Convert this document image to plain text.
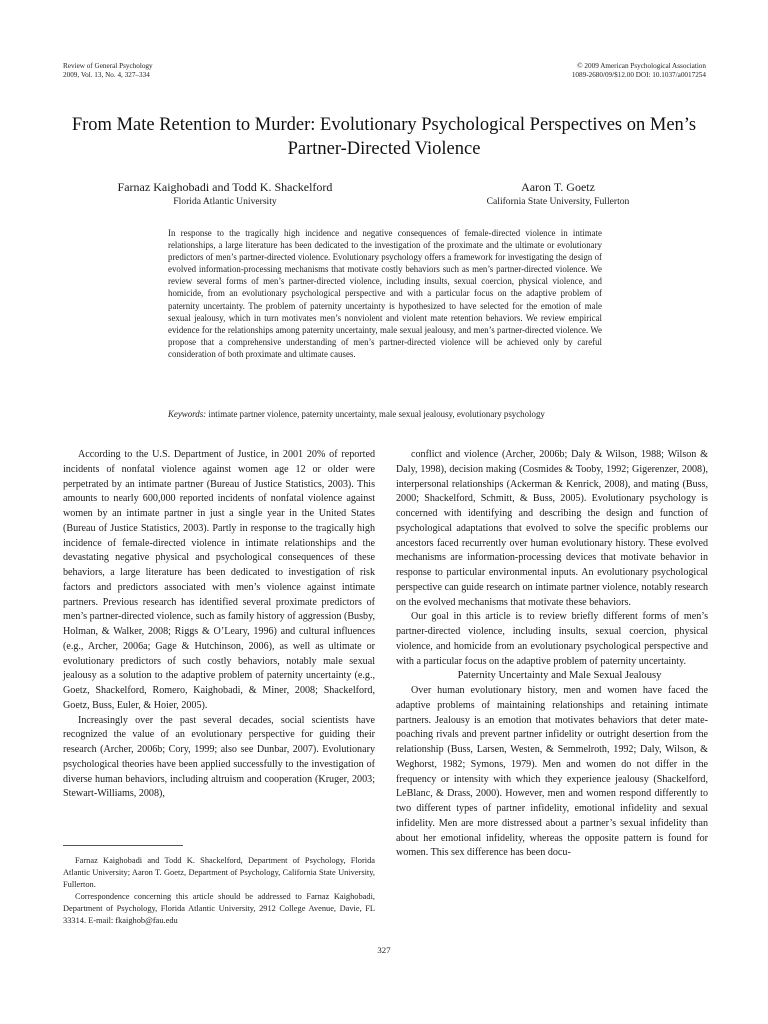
Review of General Psychology
2009, Vol. 13, No. 4, 327–334
© 2009 American Psychological Association
1089-2680/09/$12.00 DOI: 10.1037/a0017254
From Mate Retention to Murder: Evolutionary Psychological Perspectives on Men’s Partner-Directed Violence
Farnaz Kaighobadi and Todd K. Shackelford
Florida Atlantic University
Aaron T. Goetz
California State University, Fullerton
In response to the tragically high incidence and negative consequences of female-directed violence in intimate relationships, a large literature has been dedicated to the investigation of the proximate and the ultimate or evolutionary predictors of men’s partner-directed violence. Evolutionary psychology offers a framework for investigating the design of evolved information-processing mechanisms that motivate costly behaviors such as men’s partner-directed violence. We review several forms of men’s partner-directed violence, including insults, sexual coercion, physical violence, and homicide, from an evolutionary psychological perspective and with a particular focus on the adaptive problem of paternity uncertainty. The problem of paternity uncertainty is hypothesized to have selected for the emotion of male sexual jealousy, which in turn motivates men’s nonviolent and violent mate retention behaviors. We review empirical evidence for the relationships among paternity uncertainty, male sexual jealousy, and men’s partner-directed violence. We propose that a comprehensive understanding of men’s partner-directed violence will be achieved only by careful consideration of both proximate and ultimate causes.
Keywords: intimate partner violence, paternity uncertainty, male sexual jealousy, evolutionary psychology

According to the U.S. Department of Justice, in 2001 20% of reported incidents of nonfatal violence against women age 12 or older were perpetrated by an intimate partner (Bureau of Justice Statistics, 2003). This amounts to nearly 600,000 reported incidents of nonfatal violence against women by an intimate partner in just a single year in the United States (Bureau of Justice Statistics, 2003). Partly in response to the tragically high incidence of female-directed violence in intimate relationships and the devastating negative physical and psychological consequences of these behaviors, a large literature has been dedicated to investigation of risk factors and predictors associated with men’s violence against intimate partners. Previous research has identified several proximate predictors of men’s partner-directed violence, such as family history of aggression (Busby, Holman, & Walker, 2008; Riggs & O’Leary, 1996) and cultural influences (e.g., Archer, 2006a; Gage & Hutchinson, 2006), as well as ultimate or evolutionary predictors of such costly behaviors, notably male sexual jealousy as a solution to the adaptive problem of paternity uncertainty (e.g., Goetz, Shackelford, Romero, Kaighobadi, & Miner, 2008; Shackelford, Goetz, Buss, Euler, & Hoier, 2005).

Increasingly over the past several decades, social scientists have recognized the value of an evolutionary perspective for guiding their research (Archer, 2006b; Cory, 1999; also see Dunbar, 2007). Evolutionary psychological theories have been applied successfully to the investigation of diverse human behaviors, including altruism and cooperation (Kruger, 2003; Stewart-Williams, 2008),

conflict and violence (Archer, 2006b; Daly & Wilson, 1988; Wilson & Daly, 1998), decision making (Cosmides & Tooby, 1992; Gigerenzer, 2008), interpersonal relationships (Ackerman & Kenrick, 2008), and mating (Buss, 2000; Shackelford, Schmitt, & Buss, 2005). Evolutionary psychology is concerned with identifying and describing the design and function of psychological adaptations that evolved to solve the specific problems our ancestors faced recurrently over human evolutionary history. These evolved mechanisms are information-processing devices that motivate behavior in response to particular environmental inputs. An evolutionary psychological perspective can guide research on intimate partner violence, notably research on the evolved mechanisms that motivate these behaviors.

Our goal in this article is to review briefly different forms of men’s partner-directed violence, including insults, sexual coercion, physical violence, and homicide from an evolutionary psychological perspective and with a particular focus on the adaptive problem of paternity uncertainty.

Paternity Uncertainty and Male Sexual Jealousy

Over human evolutionary history, men and women have faced the adaptive problems of maintaining relationships and retaining intimate partners. Jealousy is an emotion that motivates behaviors that deter mate-poaching rivals and prevent partner infidelity or outright desertion from the relationship (Buss, Larsen, Westen, & Semmelroth, 1992; Daly, Wilson, & Weghorst, 1982; Symons, 1979). Men and women do not differ in the frequency or intensity with which they experience jealousy (Shackelford, LeBlanc, & Drass, 2000). However, men and women respond differently to two different types of partner infidelity, emotional infidelity and sexual infidelity. Men are more distressed about a partner’s sexual infidelity than about her emotional infidelity, whereas the opposite pattern is found for women. This sex difference has been docu-

Farnaz Kaighobadi and Todd K. Shackelford, Department of Psychology, Florida Atlantic University; Aaron T. Goetz, Department of Psychology, California State University, Fullerton.

Correspondence concerning this article should be addressed to Farnaz Kaighobadi, Department of Psychology, Florida Atlantic University, 2912 College Avenue, Davie, FL 33314. E-mail: fkaighob@fau.edu

327
